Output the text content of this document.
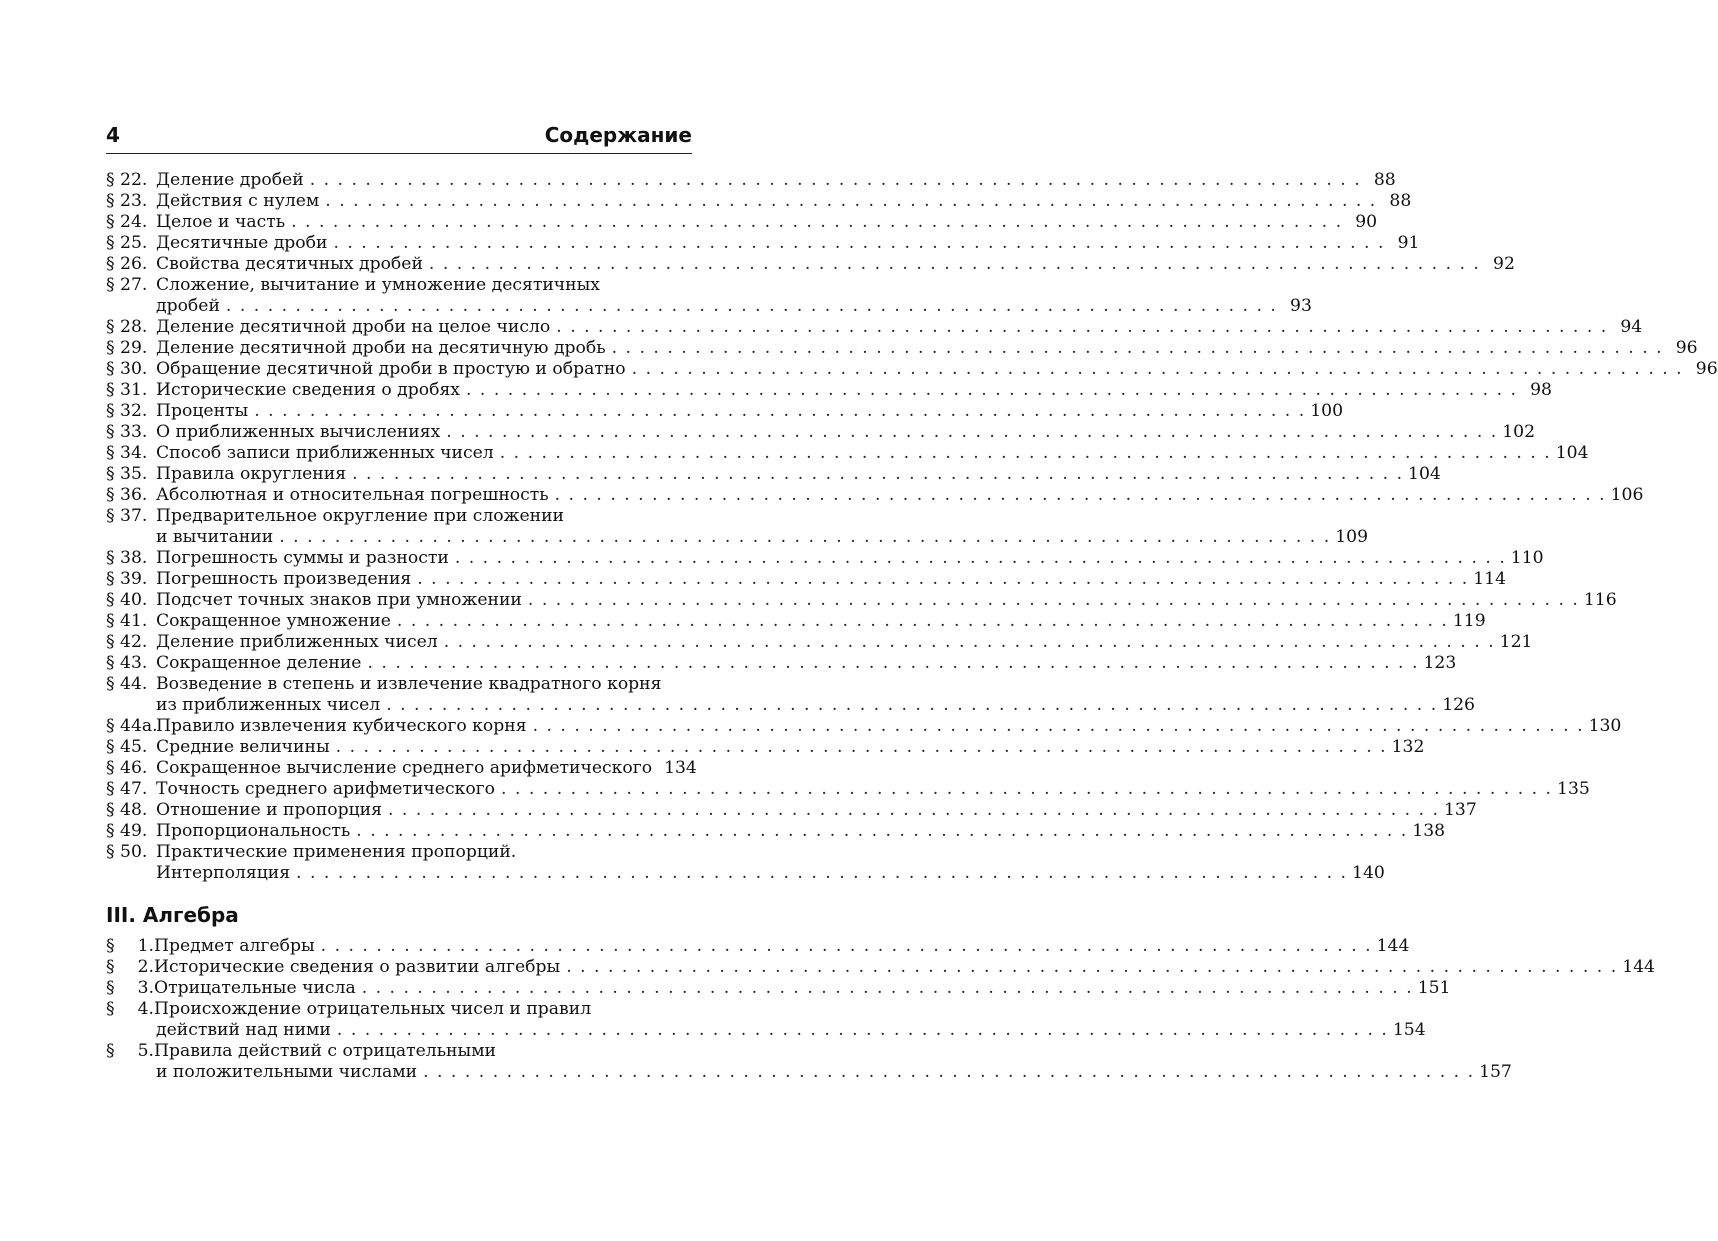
4	Содержание
§ 22. Деление дробей . . .	88
§ 23. Действия с нулем . . .	88
§ 24. Целое и часть . . .	90
§ 25. Десятичные дроби . . .	91
§ 26. Свойства десятичных дробей . . .	92
§ 27. Сложение, вычитание и умножение десятичных
дробей . . .	93
§ 28. Деление десятичной дроби на целое число . . .	94
§ 29. Деление десятичной дроби на десятичную дробь . . .	96
§ 30. Обращение десятичной дроби в простую и обратно . . .	96
§ 31. Исторические сведения о дробях . . .	98
§ 32. Проценты . . .	100
§ 33. О приближенных вычислениях . . .	102
§ 34. Способ записи приближенных чисел . . .	104
§ 35. Правила округления . . .	104
§ 36. Абсолютная и относительная погрешность . . .	106
§ 37. Предварительное округление при сложении
и вычитании . . .	109
§ 38. Погрешность суммы и разности . . .	110
§ 39. Погрешность произведения . . .	114
§ 40. Подсчет точных знаков при умножении . . .	116
§ 41. Сокращенное умножение . . .	119
§ 42. Деление приближенных чисел . . .	121
§ 43. Сокращенное деление . . .	123
§ 44. Возведение в степень и извлечение квадратного корня
из приближенных чисел . . .	126
§ 44а.
Правило извлечения кубического корня . . .	130
§ 45. Средние величины . . .	132
§ 46. Сокращенное вычисление среднего арифметического 134
§ 47. Точность среднего арифметического . . .	135
§ 48. Отношение и пропорция . . .	137
§ 49. Пропорциональность . . .	138
§ 50. Практические применения пропорций.
Интерполяция . . .	140
III. Алгебра
§	1. Предмет алгебры . . .	144
§	2. Исторические сведения о развитии алгебры . . .	144
§	3. Отрицательные числа . . .	151
§	4. Происхождение отрицательных чисел и правил
действий над ними . . .	154
§	5. Правила действий с отрицательными
и положительными числами . . .	157
